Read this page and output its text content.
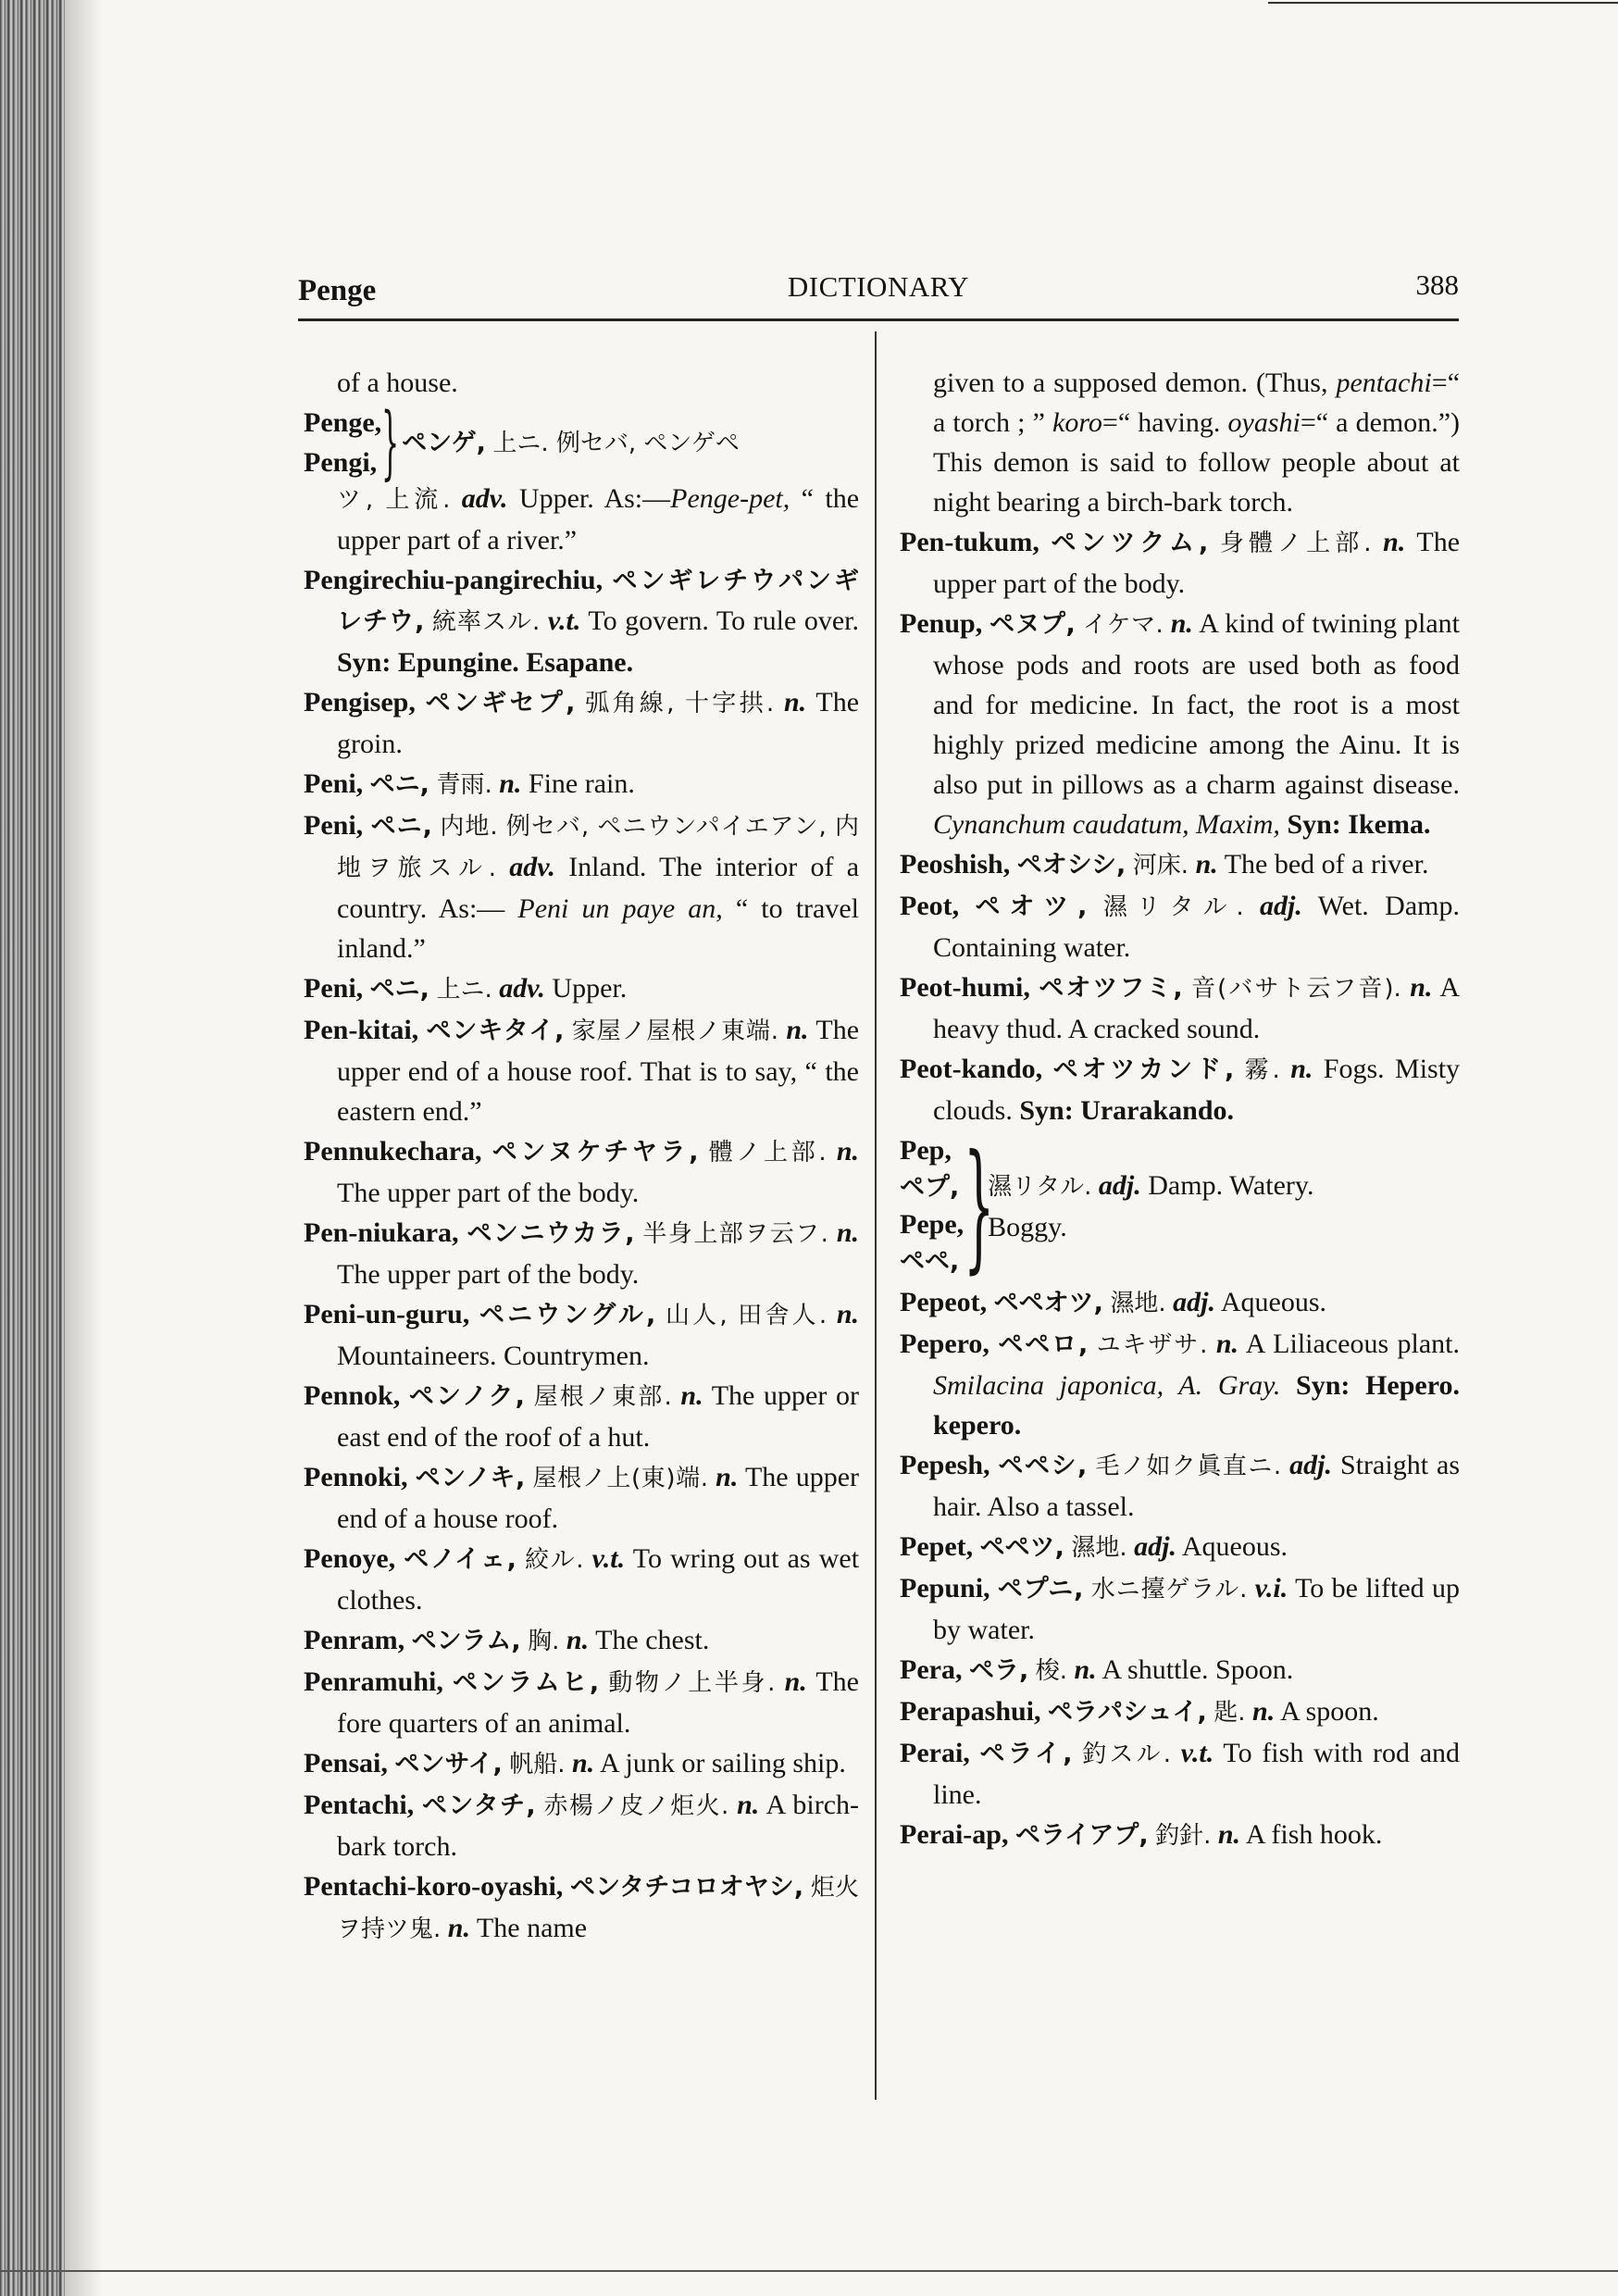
Penge	DICTIONARY	388

of a house.

Penge,
Pengi, } ペンゲ, 上ニ. 例セバ, ペンゲペ

ツ, 上流. adv. Upper. As:—Penge-pet, “ the upper part of a river.”

Pengirechiu-pangirechiu, ペンギレチウパンギレチウ, 統率スル. v.t. To govern. To rule over. Syn: Epungine. Esapane.

Pengisep, ペンギセプ, 弧角線, 十字拱. n. The groin.

Peni, ペニ, 青雨. n. Fine rain.

Peni, ペニ, 内地. 例セバ, ペニウンパイエアン, 内地ヲ旅スル. adv. Inland. The interior of a country. As:— Peni un paye an, “ to travel inland.”

Peni, ペニ, 上ニ. adv. Upper.

Pen-kitai, ペンキタイ, 家屋ノ屋根ノ東端. n. The upper end of a house roof. That is to say, “ the eastern end.”

Pennukechara, ペンヌケチヤラ, 體ノ上部. n. The upper part of the body.

Pen-niukara, ペンニウカラ, 半身上部ヲ云フ. n. The upper part of the body.

Peni-un-guru, ペニウングル, 山人, 田舎人. n. Mountaineers. Countrymen.

Pennok, ペンノク, 屋根ノ東部. n. The upper or east end of the roof of a hut.

Pennoki, ペンノキ, 屋根ノ上(東)端. n. The upper end of a house roof.

Penoye, ペノイェ, 絞ル. v.t. To wring out as wet clothes.

Penram, ペンラム, 胸. n. The chest.

Penramuhi, ペンラムヒ, 動物ノ上半身. n. The fore quarters of an animal.

Pensai, ペンサイ, 帆船. n. A junk or sailing ship.

Pentachi, ペンタチ, 赤楊ノ皮ノ炬火. n. A birch-bark torch.

Pentachi-koro-oyashi, ペンタチコロオヤシ, 炬火ヲ持ツ鬼. n. The name

given to a supposed demon. (Thus, pentachi=“ a torch ; ” koro=“ having. oyashi=“ a demon.”) This demon is said to follow people about at night bearing a birch-bark torch.

Pen-tukum, ペンツクム, 身體ノ上部. n. The upper part of the body.

Penup, ペヌプ, イケマ. n. A kind of twining plant whose pods and roots are used both as food and for medicine. In fact, the root is a most highly prized medicine among the Ainu. It is also put in pillows as a charm against disease. Cynanchum caudatum, Maxim, Syn: Ikema.

Peoshish, ペオシシ, 河床. n. The bed of a river.

Peot, ペオツ, 濕リタル. adj. Wet. Damp. Containing water.

Peot-humi, ペオツフミ, 音(バサト云フ音). n. A heavy thud. A cracked sound.

Peot-kando, ペオツカンド, 霧. n. Fogs. Misty clouds. Syn: Urarakando.

Pep,
ペプ,
Pepe,
ペペ, }
濕リタル. adj. Damp. Watery. Boggy.

Pepeot, ペペオツ, 濕地. adj. Aqueous.

Pepero, ペペロ, ユキザサ. n. A Liliaceous plant. Smilacina japonica, A. Gray. Syn: Hepero. kepero.

Pepesh, ペペシ, 毛ノ如ク眞直ニ. adj. Straight as hair. Also a tassel.

Pepet, ペペツ, 濕地. adj. Aqueous.

Pepuni, ペプニ, 水ニ擡ゲラル. v.i. To be lifted up by water.

Pera, ペラ, 梭. n. A shuttle. Spoon.

Perapashui, ペラパシュイ, 匙. n. A spoon.

Perai, ペライ, 釣スル. v.t. To fish with rod and line.

Perai-ap, ペライアプ, 釣針. n. A fish hook.
